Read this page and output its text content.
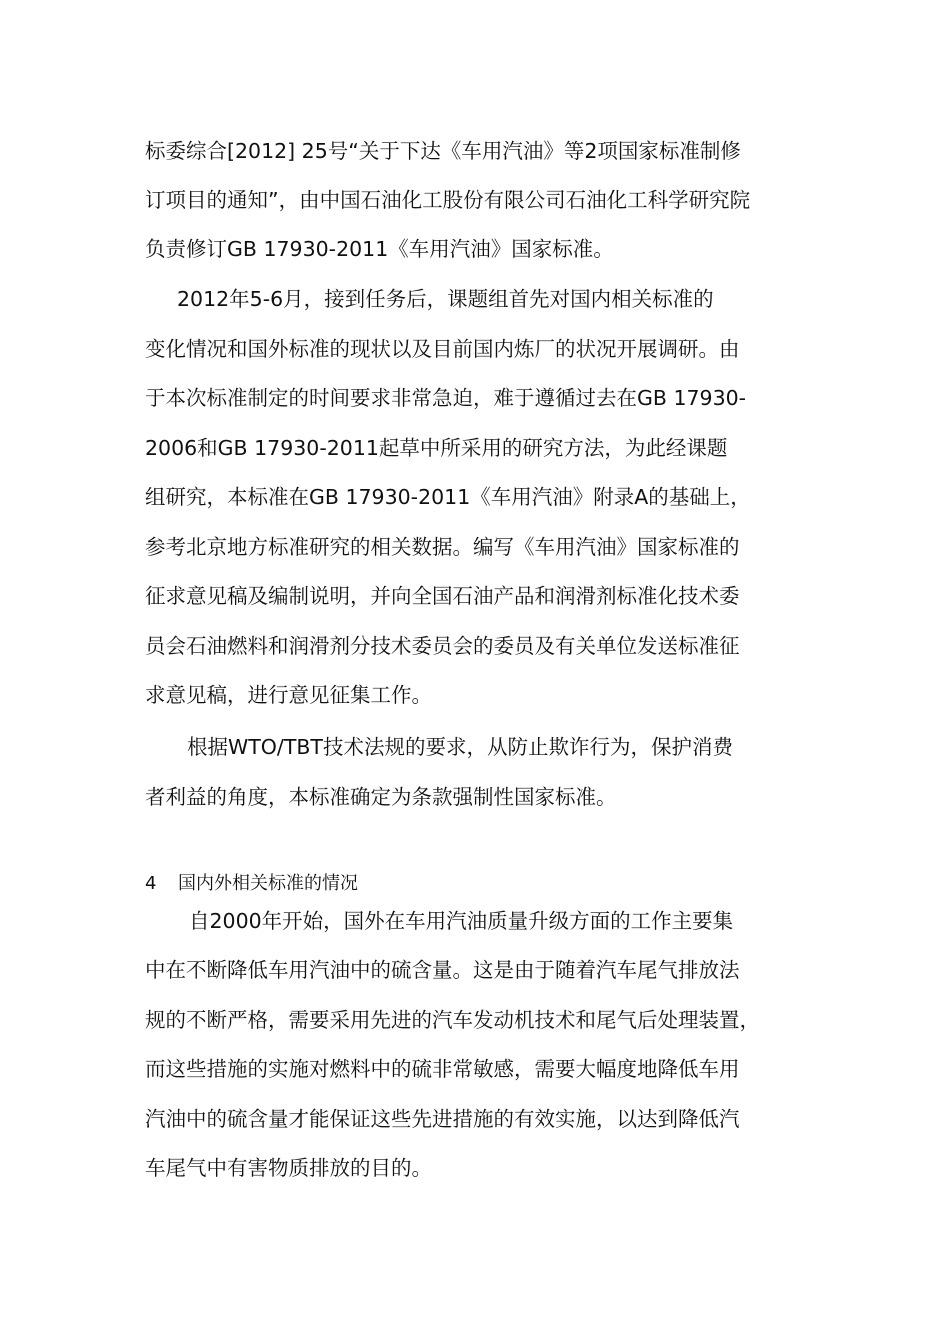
标委综合[2012] 25号“关于下达《车用汽油》等2项国家标准制修
订项目的通知”，由中国石油化工股份有限公司石油化工科学研究院
负责修订GB 17930-2011《车用汽油》国家标准。
2012年5-6月，接到任务后，课题组首先对国内相关标准的
变化情况和国外标准的现状以及目前国内炼厂的状况开展调研。由
于本次标准制定的时间要求非常急迫，难于遵循过去在GB 17930-
2006和GB 17930-2011起草中所采用的研究方法，为此经课题
组研究，本标准在GB 17930-2011《车用汽油》附录A的基础上，
参考北京地方标准研究的相关数据。编写《车用汽油》国家标准的
征求意见稿及编制说明，并向全国石油产品和润滑剂标准化技术委
员会石油燃料和润滑剂分技术委员会的委员及有关单位发送标准征
求意见稿，进行意见征集工作。
根据WTO/TBT技术法规的要求，从防止欺诈行为，保护消费
者利益的角度，本标准确定为条款强制性国家标准。
4 国内外相关标准的情况
自2000年开始，国外在车用汽油质量升级方面的工作主要集
中在不断降低车用汽油中的硫含量。这是由于随着汽车尾气排放法
规的不断严格，需要采用先进的汽车发动机技术和尾气后处理装置，
而这些措施的实施对燃料中的硫非常敏感，需要大幅度地降低车用
汽油中的硫含量才能保证这些先进措施的有效实施，以达到降低汽
车尾气中有害物质排放的目的。
